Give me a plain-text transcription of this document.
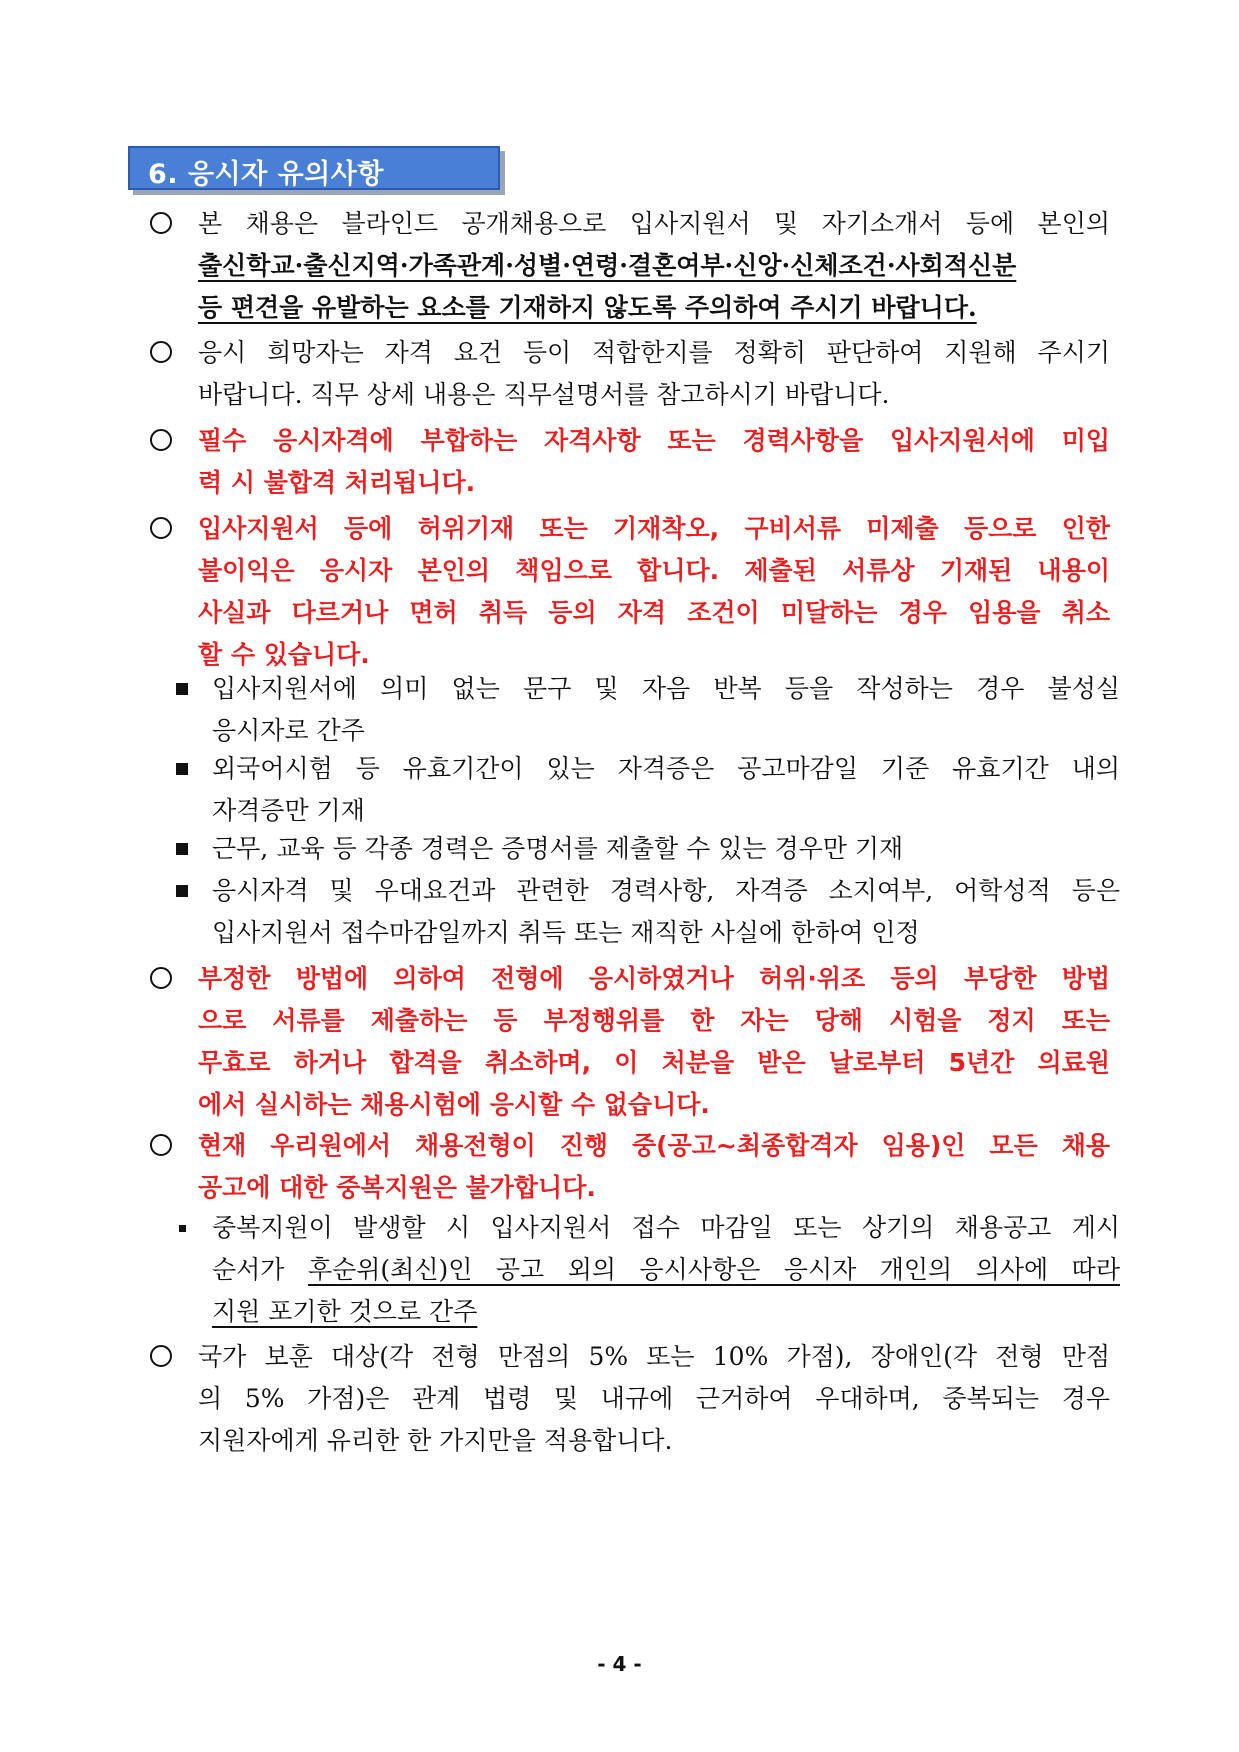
6. 응시자 유의사항
본 채용은 블라인드 공개채용으로 입사지원서 및 자기소개서 등에 본인의
출신학교·출신지역·가족관계·성별·연령·결혼여부·신앙·신체조건·사회적신분
등 편견을 유발하는 요소를 기재하지 않도록 주의하여 주시기 바랍니다.
응시 희망자는 자격 요건 등이 적합한지를 정확히 판단하여 지원해 주시기
바랍니다. 직무 상세 내용은 직무설명서를 참고하시기 바랍니다.
필수 응시자격에 부합하는 자격사항 또는 경력사항을 입사지원서에 미입
력 시 불합격 처리됩니다.
입사지원서 등에 허위기재 또는 기재착오, 구비서류 미제출 등으로 인한
불이익은 응시자 본인의 책임으로 합니다. 제출된 서류상 기재된 내용이
사실과 다르거나 면허 취득 등의 자격 조건이 미달하는 경우 임용을 취소
할 수 있습니다.
입사지원서에 의미 없는 문구 및 자음 반복 등을 작성하는 경우 불성실
응시자로 간주
외국어시험 등 유효기간이 있는 자격증은 공고마감일 기준 유효기간 내의
자격증만 기재
근무, 교육 등 각종 경력은 증명서를 제출할 수 있는 경우만 기재
응시자격 및 우대요건과 관련한 경력사항, 자격증 소지여부, 어학성적 등은
입사지원서 접수마감일까지 취득 또는 재직한 사실에 한하여 인정
부정한 방법에 의하여 전형에 응시하였거나 허위·위조 등의 부당한 방법
으로 서류를 제출하는 등 부정행위를 한 자는 당해 시험을 정지 또는
무효로 하거나 합격을 취소하며, 이 처분을 받은 날로부터 5년간 의료원
에서 실시하는 채용시험에 응시할 수 없습니다.
현재 우리원에서 채용전형이 진행 중(공고~최종합격자 임용)인 모든 채용
공고에 대한 중복지원은 불가합니다.
중복지원이 발생할 시 입사지원서 접수 마감일 또는 상기의 채용공고 게시
순서가 후순위(최신)인 공고 외의 응시사항은 응시자 개인의 의사에 따라
지원 포기한 것으로 간주
국가 보훈 대상(각 전형 만점의 5% 또는 10% 가점), 장애인(각 전형 만점
의 5% 가점)은 관계 법령 및 내규에 근거하여 우대하며, 중복되는 경우
지원자에게 유리한 한 가지만을 적용합니다.
- 4 -
